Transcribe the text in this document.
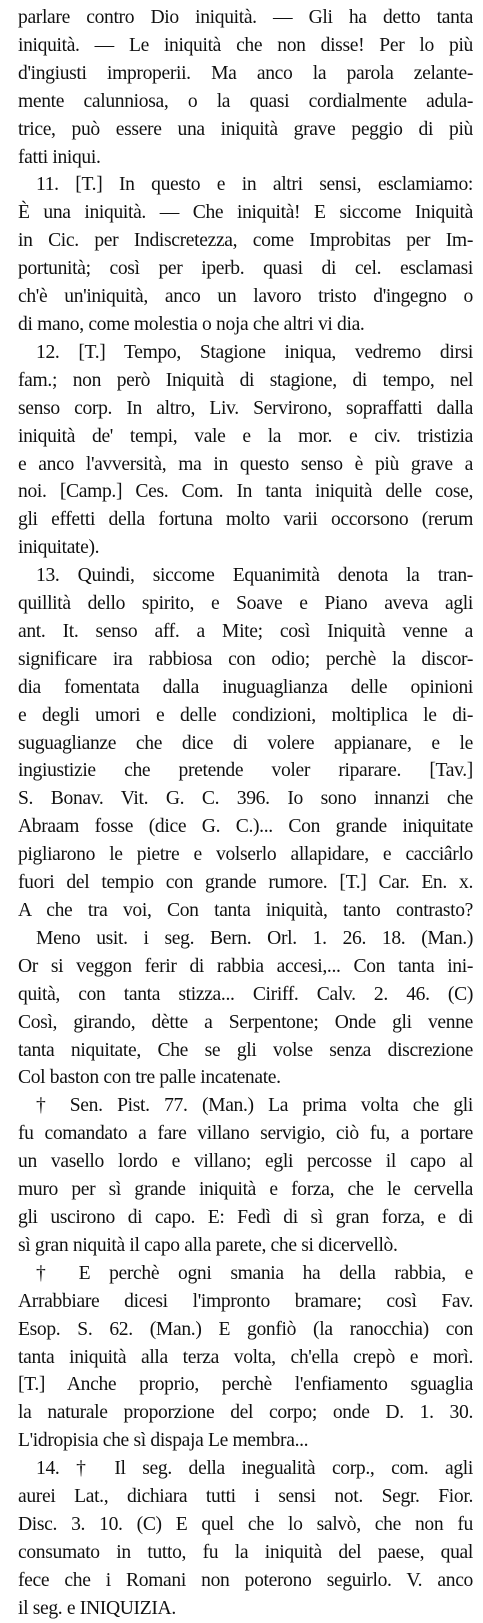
parlare contro Dio iniquità. — Gli ha detto tanta
iniquità. — Le iniquità che non disse! Per lo più
d'ingiusti improperii. Ma anco la parola zelante-
mente calunniosa, o la quasi cordialmente adula-
trice, può essere una iniquità grave peggio di più
fatti iniqui.
11. [T.] In questo e in altri sensi, esclamiamo:
È una iniquità. — Che iniquità! E siccome Iniquità
in Cic. per Indiscretezza, come Improbitas per Im-
portunità; così per iperb. quasi di cel. esclamasi
ch'è un'iniquità, anco un lavoro tristo d'ingegno o
di mano, come molestia o noja che altri vi dia.
12. [T.] Tempo, Stagione iniqua, vedremo dirsi
fam.; non però Iniquità di stagione, di tempo, nel
senso corp. In altro, Liv. Servirono, sopraffatti dalla
iniquità de' tempi, vale e la mor. e civ. tristizia
e anco l'avversità, ma in questo senso è più grave a
noi. [Camp.] Ces. Com. In tanta iniquità delle cose,
gli effetti della fortuna molto varii occorsono (rerum
iniquitate).
13. Quindi, siccome Equanimità denota la tran-
quillità dello spirito, e Soave e Piano aveva agli
ant. It. senso aff. a Mite; così Iniquità venne a
significare ira rabbiosa con odio; perchè la discor-
dia fomentata dalla inuguaglianza delle opinioni
e degli umori e delle condizioni, moltiplica le di-
suguaglianze che dice di volere appianare, e le
ingiustizie che pretende voler riparare. [Tav.]
S. Bonav. Vit. G. C. 396. Io sono innanzi che
Abraam fosse (dice G. C.)... Con grande iniquitate
pigliarono le pietre e volserlo allapidare, e cacciârlo
fuori del tempio con grande rumore. [T.] Car. En. x.
A che tra voi, Con tanta iniquità, tanto contrasto?
Meno usit. i seg. Bern. Orl. 1. 26. 18. (Man.)
Or si veggon ferir di rabbia accesi,... Con tanta ini-
quità, con tanta stizza... Ciriff. Calv. 2. 46. (C)
Così, girando, dètte a Serpentone; Onde gli venne
tanta niquitate, Che se gli volse senza discrezione
Col baston con tre palle incatenate.
† Sen. Pist. 77. (Man.) La prima volta che gli
fu comandato a fare villano servigio, ciò fu, a portare
un vasello lordo e villano; egli percosse il capo al
muro per sì grande iniquità e forza, che le cervella
gli uscirono di capo. E: Fedì di sì gran forza, e di
sì gran niquità il capo alla parete, che si dicervellò.
† E perchè ogni smania ha della rabbia, e
Arrabbiare dicesi l'impronto bramare; così Fav.
Esop. S. 62. (Man.) E gonfiò (la ranocchia) con
tanta iniquità alla terza volta, ch'ella crepò e morì.
[T.] Anche proprio, perchè l'enfiamento sguaglia
la naturale proporzione del corpo; onde D. 1. 30.
L'idropisia che sì dispaja Le membra...
14. † Il seg. della inegualità corp., com. agli
aurei Lat., dichiara tutti i sensi not. Segr. Fior.
Disc. 3. 10. (C) E quel che lo salvò, che non fu
consumato in tutto, fu la iniquità del paese, qual
fece che i Romani non poterono seguirlo. V. anco
il seg. e INIQUIZIA.
